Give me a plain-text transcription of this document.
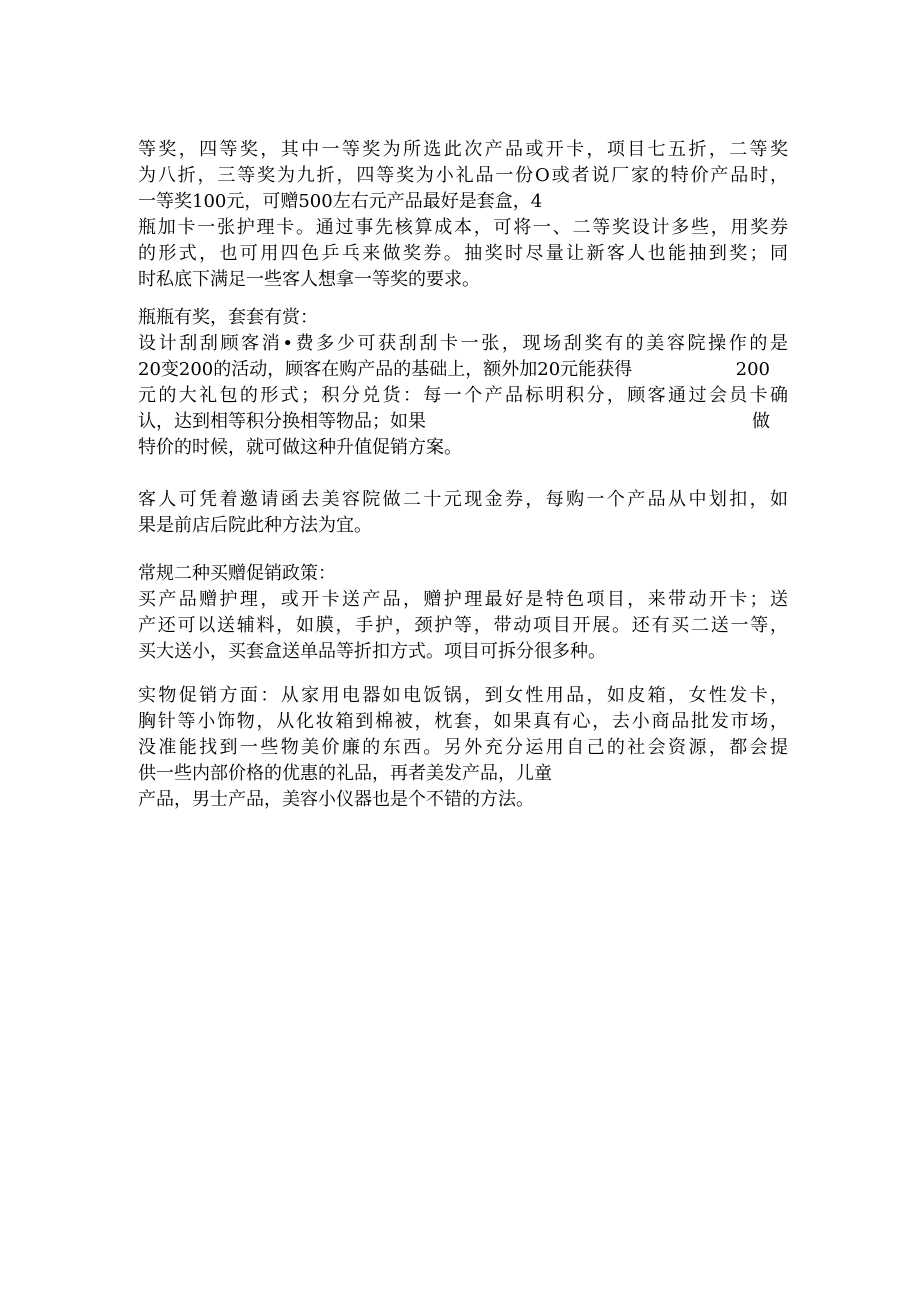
等奖，四等奖，其中一等奖为所选此次产品或开卡，项目七五折，二等奖
为八折，三等奖为九折，四等奖为小礼品一份O或者说厂家的特价产品时，
一等奖100元，可赠500左右元产品最好是套盒，4
瓶加卡一张护理卡。通过事先核算成本，可将一、二等奖设计多些，用奖券
的形式，也可用四色乒乓来做奖券。抽奖时尽量让新客人也能抽到奖；同
时私底下满足一些客人想拿一等奖的要求。
瓶瓶有奖，套套有赏：
设计刮刮顾客消•费多少可获刮刮卡一张，现场刮奖有的美容院操作的是
20变200的活动，顾客在购产品的基础上，额外加20元能获得	200
元的大礼包的形式；积分兑货：每一个产品标明积分，顾客通过会员卡确
认，达到相等积分换相等物品；如果	做
特价的时候，就可做这种升值促销方案。
客人可凭着邀请函去美容院做二十元现金券，每购一个产品从中划扣，如
果是前店后院此种方法为宜。
常规二种买赠促销政策：
买产品赠护理，或开卡送产品，赠护理最好是特色项目，来带动开卡；送
产还可以送辅料，如膜，手护，颈护等，带动项目开展。还有买二送一等，
买大送小，买套盒送单品等折扣方式。项目可拆分很多种。
实物促销方面：从家用电器如电饭锅，到女性用品，如皮箱，女性发卡，
胸针等小饰物，从化妆箱到棉被，枕套，如果真有心，去小商品批发市场，
没准能找到一些物美价廉的东西。另外充分运用自己的社会资源，都会提
供一些内部价格的优惠的礼品，再者美发产品，儿童
产品，男士产品，美容小仪器也是个不错的方法。
